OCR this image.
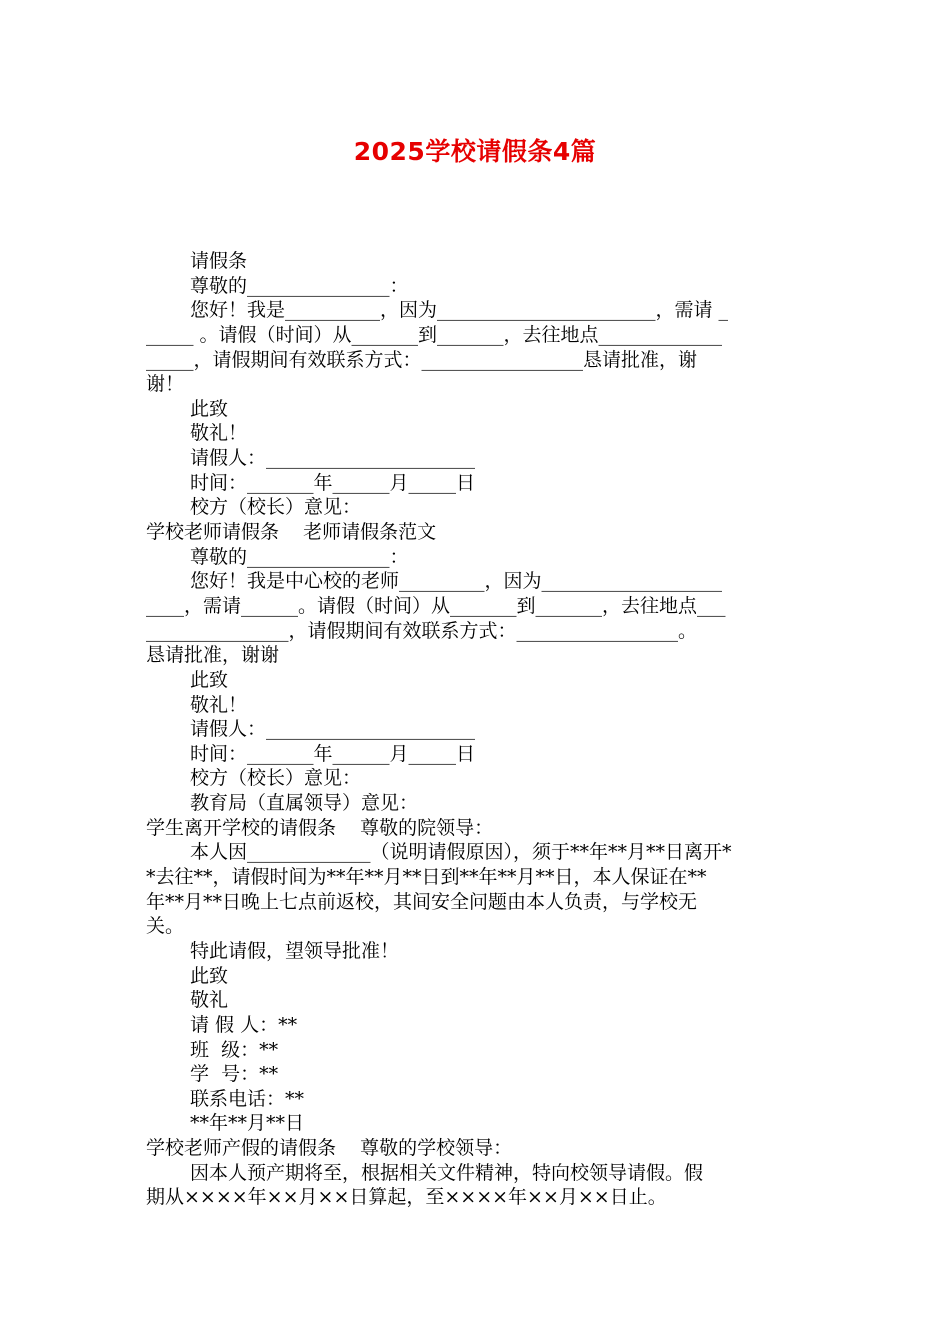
2025学校请假条4篇
请假条
尊敬的_______________：
您好！我是__________，因为_______________________，需请 _
_____ 。请假（时间）从_______到_______，去往地点_____________
_____，请假期间有效联系方式：_________________恳请批准，谢
谢！
此致
敬礼！
请假人：______________________
时间：_______年______月_____日
校方（校长）意见：
学校老师请假条    老师请假条范文
尊敬的_______________：
您好！我是中心校的老师_________，因为___________________
____，需请______。请假（时间）从_______到_______，去往地点___
_______________，请假期间有效联系方式：_________________。
恳请批准，谢谢
此致
敬礼！
请假人：______________________
时间：_______年______月_____日
校方（校长）意见：
教育局（直属领导）意见：
学生离开学校的请假条    尊敬的院领导：
本人因_____________（说明请假原因），须于**年**月**日离开*
*去往**，请假时间为**年**月**日到**年**月**日，本人保证在**
年**月**日晚上七点前返校，其间安全问题由本人负责，与学校无
关。
特此请假，望领导批准！
此致
敬礼
请 假 人：**
班  级：**
学  号：**
联系电话：**
**年**月**日
学校老师产假的请假条    尊敬的学校领导：
因本人预产期将至，根据相关文件精神，特向校领导请假。假
期从××××年××月××日算起，至××××年××月××日止。
